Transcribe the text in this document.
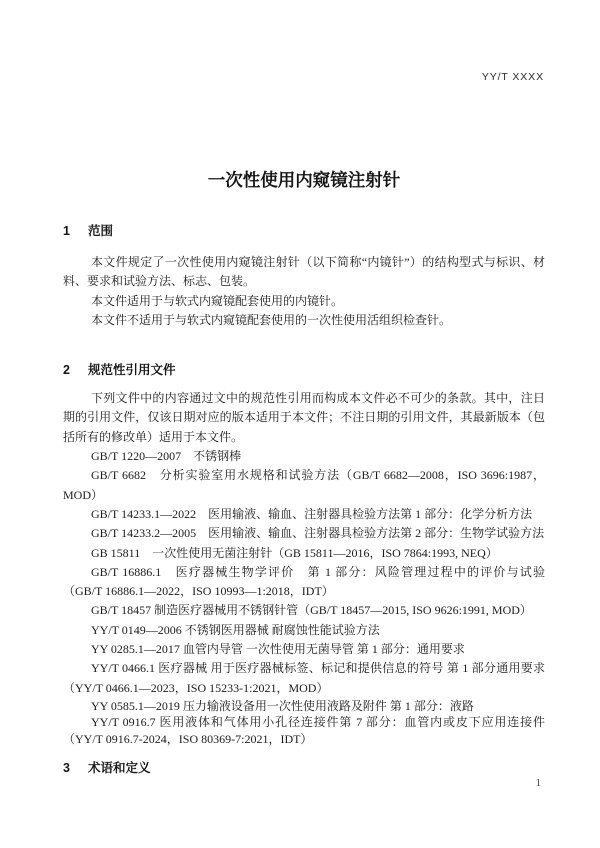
YY/T XXXX
一次性使用内窥镜注射针
1	范围

本文件规定了一次性使用内窥镜注射针（以下简称“内镜针”）的结构型式与标识、材料、要求和试验方法、标志、包装。

本文件适用于与软式内窥镜配套使用的内镜针。

本文件不适用于与软式内窥镜配套使用的一次性使用活组织检查针。

2	规范性引用文件

下列文件中的内容通过文中的规范性引用而构成本文件必不可少的条款。其中，注日期的引用文件，仅该日期对应的版本适用于本文件；不注日期的引用文件，其最新版本（包括所有的修改单）适用于本文件。

GB/T 1220—2007　不锈钢棒

GB/T 6682　分析实验室用水规格和试验方法（GB/T 6682—2008，ISO 3696:1987，MOD）

GB/T 14233.1—2022　医用输液、输血、注射器具检验方法第 1 部分：化学分析方法

GB/T 14233.2—2005　医用输液、输血、注射器具检验方法第 2 部分：生物学试验方法

GB 15811　一次性使用无菌注射针（GB 15811—2016，ISO 7864:1993, NEQ）

GB/T 16886.1　医疗器械生物学评价　第 1 部分：风险管理过程中的评价与试验（GB/T 16886.1—2022，ISO 10993—1:2018，IDT）

GB/T 18457 制造医疗器械用不锈钢针管（GB/T 18457—2015, ISO 9626:1991, MOD）

YY/T 0149—2006 不锈钢医用器械 耐腐蚀性能试验方法

YY 0285.1—2017 血管内导管 一次性使用无菌导管 第 1 部分：通用要求

YY/T 0466.1 医疗器械 用于医疗器械标签、标记和提供信息的符号 第 1 部分通用要求（YY/T 0466.1—2023，ISO 15233-1:2021，MOD）

YY 0585.1—2019 压力输液设备用一次性使用液路及附件 第 1 部分：液路

YY/T 0916.7 医用液体和气体用小孔径连接件第 7 部分：血管内或皮下应用连接件 （YY/T 0916.7-2024，ISO 80369-7:2021，IDT）

3	术语和定义
1
